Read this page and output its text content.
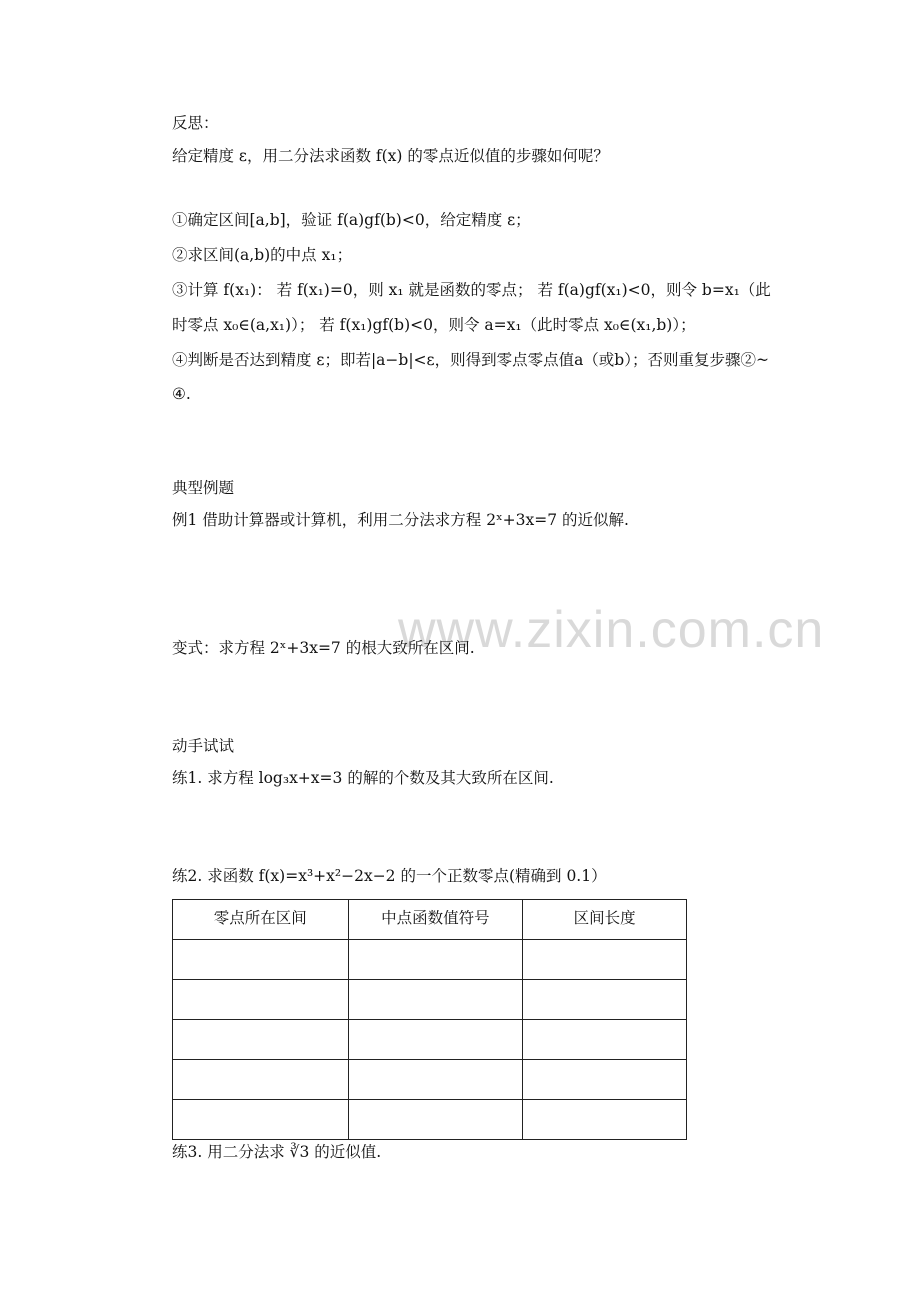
www.zixin.com.cn
反思：
给定精度 ε，用二分法求函数 f(x) 的零点近似值的步骤如何呢？
①确定区间[a,b]，验证 f(a)gf(b)<0，给定精度 ε；
②求区间(a,b)的中点 x₁；
③计算 f(x₁)： 若 f(x₁)=0，则 x₁ 就是函数的零点； 若 f(a)gf(x₁)<0，则令 b=x₁（此
时零点 x₀∈(a,x₁)）； 若 f(x₁)gf(b)<0，则令 a=x₁（此时零点 x₀∈(x₁,b)）；
④判断是否达到精度 ε；即若|a−b|<ε，则得到零点零点值a（或b）；否则重复步骤②~
④.
典型例题
例1 借助计算器或计算机，利用二分法求方程 2ˣ+3x=7 的近似解.
变式：求方程 2ˣ+3x=7 的根大致所在区间.
动手试试
练1. 求方程 log₃x+x=3 的解的个数及其大致所在区间.
练2. 求函数 f(x)=x³+x²−2x−2 的一个正数零点(精确到 0.1）
零点所在区间	中点函数值符号	区间长度

练3. 用二分法求 ∛3 的近似值.
